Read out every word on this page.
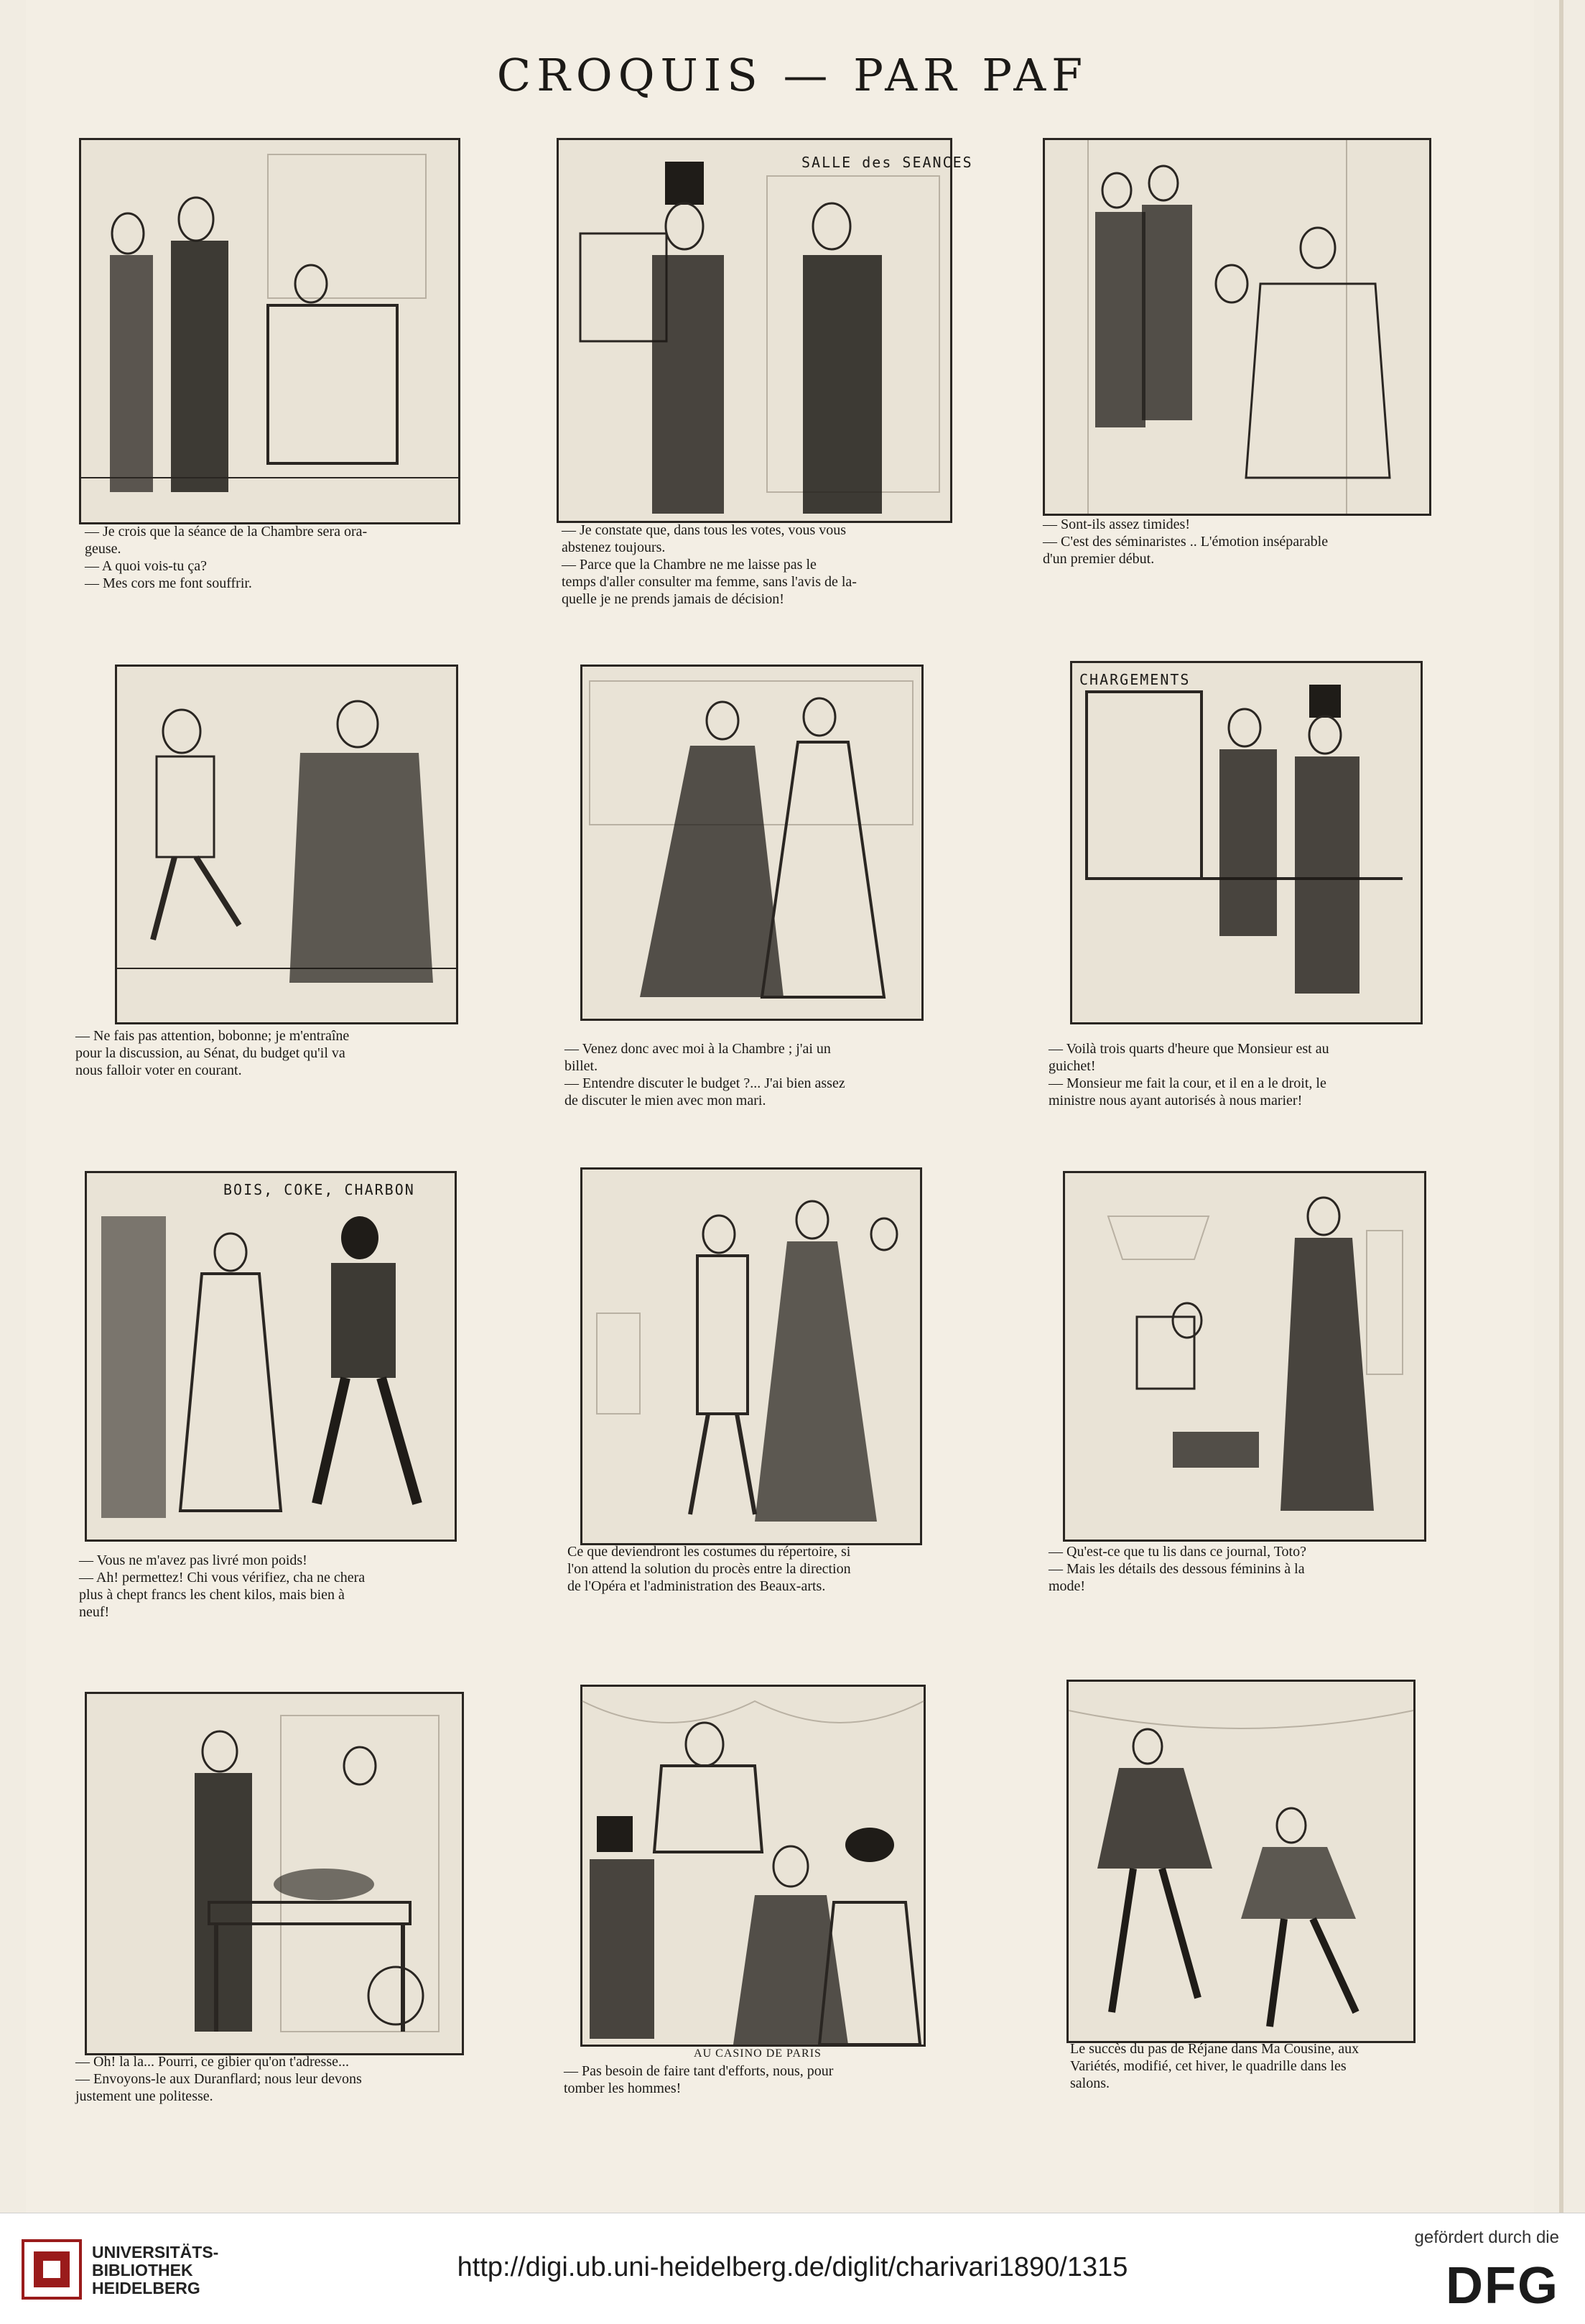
CROQUIS — PAR PAF
— Je crois que la séance de la Chambre sera ora-
geuse.
— A quoi vois-tu ça?
— Mes cors me font souffrir.
SALLE des SEANCES
— Je constate que, dans tous les votes, vous vous
abstenez toujours.
— Parce que la Chambre ne me laisse pas le
temps d'aller consulter ma femme, sans l'avis de la-
quelle je ne prends jamais de décision!
— Sont-ils assez timides!
— C'est des séminaristes .. L'émotion inséparable
d'un premier début.
— Ne fais pas attention, bobonne; je m'entraîne
pour la discussion, au Sénat, du budget qu'il va
nous falloir voter en courant.
— Venez donc avec moi à la Chambre ; j'ai un
billet.
— Entendre discuter le budget ?... J'ai bien assez
de discuter le mien avec mon mari.
CHARGEMENTS
— Voilà trois quarts d'heure que Monsieur est au
guichet!
— Monsieur me fait la cour, et il en a le droit, le
ministre nous ayant autorisés à nous marier!
BOIS, COKE, CHARBON
— Vous ne m'avez pas livré mon poids!
— Ah! permettez! Chi vous vérifiez, cha ne chera
plus à chept francs les chent kilos, mais bien à
neuf!
Ce que deviendront les costumes du répertoire, si
l'on attend la solution du procès entre la direction
de l'Opéra et l'administration des Beaux-arts.
— Qu'est-ce que tu lis dans ce journal, Toto?
— Mais les détails des dessous féminins à la
mode!
— Oh! la la... Pourri, ce gibier qu'on t'adresse...
— Envoyons-le aux Duranflard; nous leur devons
justement une politesse.
AU CASINO DE PARIS
— Pas besoin de faire tant d'efforts, nous, pour
tomber les hommes!
Le succès du pas de Réjane dans Ma Cousine, aux
Variétés, modifié, cet hiver, le quadrille dans les
salons.
UNIVERSITÄTS-
BIBLIOTHEK
HEIDELBERG
http://digi.ub.uni-heidelberg.de/diglit/charivari1890/1315
gefördert durch die
DFG
